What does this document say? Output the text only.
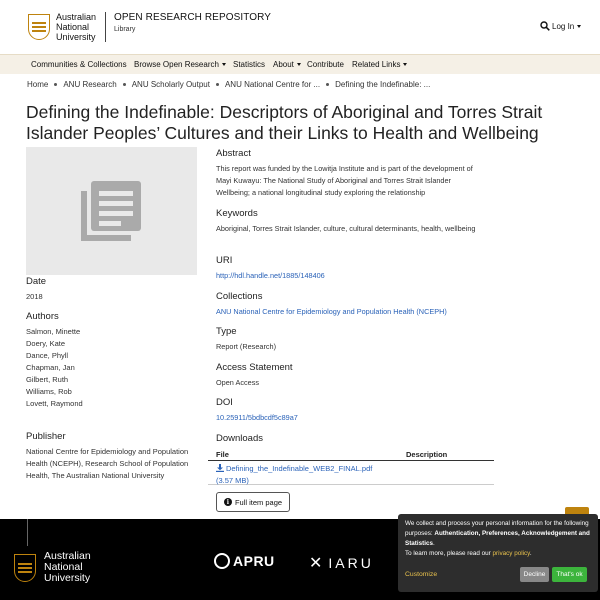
Australian
National
University
OPEN RESEARCH REPOSITORY
Library	Log In
Communities & Collections Browse Open Research	Statistics About	Contribute Related Links
Home ANU Research ANU Scholarly Output ANU National Centre for ... Defining the Indefinable: ...
Defining the Indefinable: Descriptors of Aboriginal and Torres Strait Islander Peoples’ Cultures and their Links to Health and Wellbeing
Date
2018
Authors
Salmon, Minette
Doery, Kate
Dance, Phyll
Chapman, Jan
Gilbert, Ruth
Williams, Rob
Lovett, Raymond
Publisher
National Centre for Epidemiology and Population Health (NCEPH), Research School of Population Health, The Australian National University
Abstract
This report was funded by the Lowitja Institute and is part of the development of Mayi Kuwayu: The National Study of Aboriginal and Torres Strait Islander Wellbeing; a national longitudinal study exploring the relationship
Keywords
Aboriginal, Torres Strait Islander, culture, cultural determinants, health, wellbeing
URI
http://hdl.handle.net/1885/148406
Collections
ANU National Centre for Epidemiology and Population Health (NCEPH)
Type
Report (Research)
Access Statement
Open Access
DOI
10.25911/5bdbcdf5c89a7
Downloads
File	Description
Defining_the_Indefinable_WEB2_FINAL.pdf
(3.57 MB)
i Full item page
Australian
National
University
APRU ✕ IARU
We collect and process your personal information for the following purposes: Authentication, Preferences, Acknowledgement and Statistics.
To learn more, please read our privacy policy.
Customize	Decline	That's ok
